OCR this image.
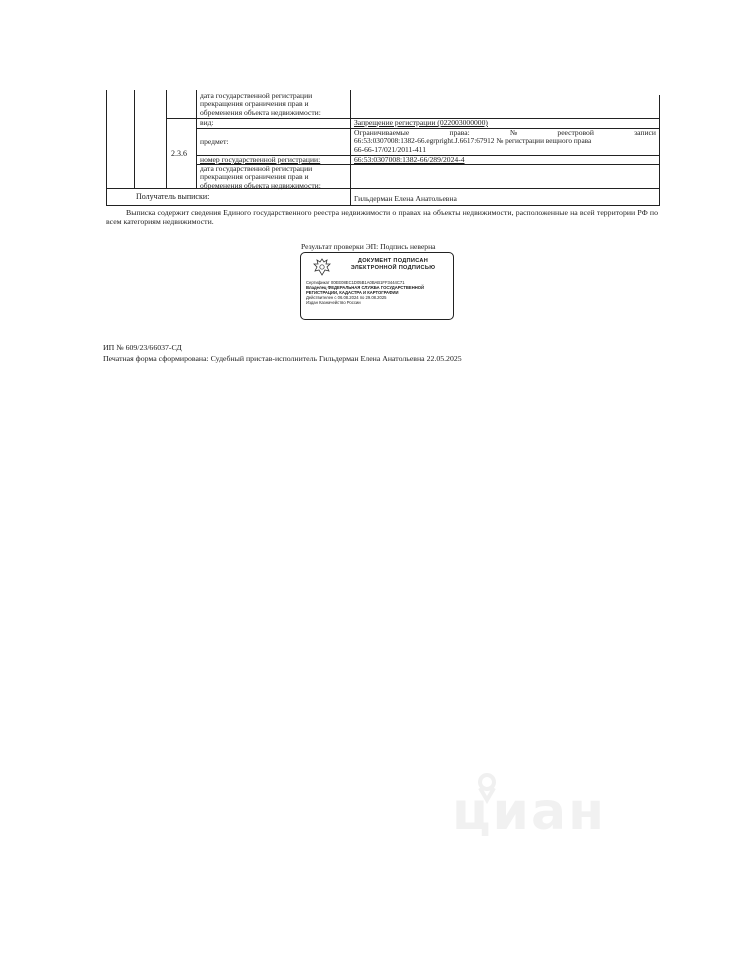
дата государственной регистрации прекращения ограничения прав и обременения объекта недвижимости:
2.3.6
вид:	Запрещение регистрации (022003000000)
предмет:
Ограничиваемые	права:	№	реестровой	записи
66:53:0307008:1382-66.egrpright.J.6617:67912 № регистрации вещного права
66-66-17/021/2011-411
номер государственной регистрации:	66:53:0307008:1382-66/289/2024-4
дата государственной регистрации прекращения ограничения прав и обременения объекта недвижимости:
Получатель выписки:	Гильдерман Елена Анатольевна
Выписка содержит сведения Единого государственного реестра недвижимости о правах на объекты недвижимости, расположенные на всей территории РФ по всем категориям недвижимости.
Результат проверки ЭП: Подпись неверна
ДОКУМЕНТ ПОДПИСАН
ЭЛЕКТРОННОЙ ПОДПИСЬЮ
Сертификат 00ЕЕ08ЕС1D05В1А0ВАВ1FF3444С71
Владелец ФЕДЕРАЛЬНАЯ СЛУЖБА ГОСУДАРСТВЕННОЙ
РЕГИСТРАЦИИ, КАДАСТРА И КАРТОГРАФИИ
Действителен с 06.08.2024 по 29.08.2025
Издан Казначейство России
ИП № 609/23/66037-СД
Печатная форма сформирована: Судебный пристав-исполнитель Гильдерман Елена Анатольевна 22.05.2025
циан
